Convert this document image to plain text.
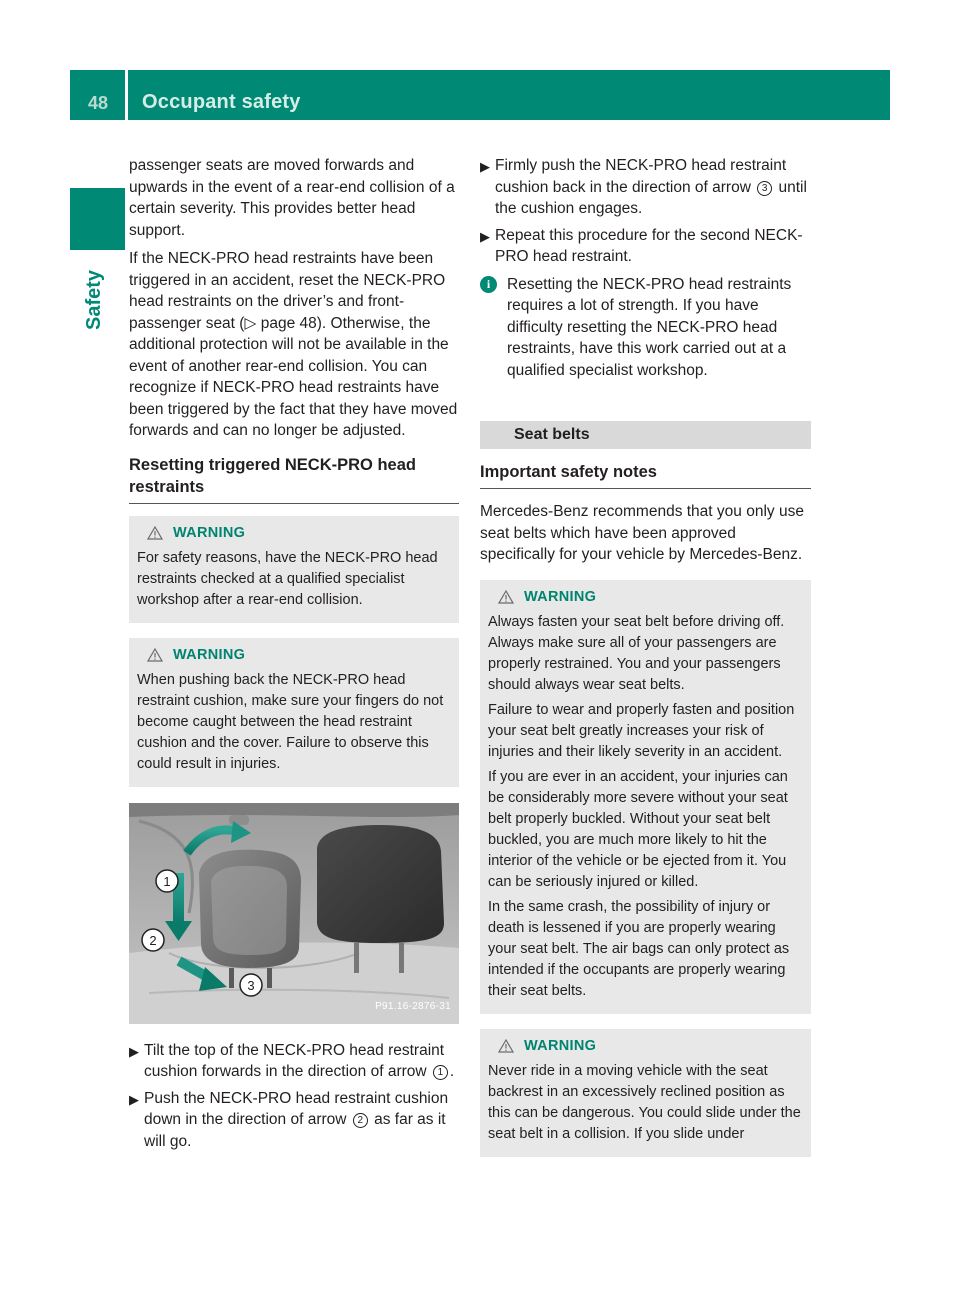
48 Occupant safety
Safety

passenger seats are moved forwards and upwards in the event of a rear-end collision of a certain severity. This provides better head support.

If the NECK-PRO head restraints have been triggered in an accident, reset the NECK-PRO head restraints on the driver’s and front-passenger seat (▷ page 48). Otherwise, the additional protection will not be available in the event of another rear-end collision. You can recognize if NECK-PRO head restraints have been triggered by the fact that they have moved forwards and can no longer be adjusted.

Resetting triggered NECK-PRO head restraints
WARNING

For safety reasons, have the NECK-PRO head restraints checked at a qualified specialist workshop after a rear-end collision.

WARNING

When pushing back the NECK-PRO head restraint cushion, make sure your fingers do not become caught between the head restraint cushion and the cover. Failure to observe this could result in injuries.

1
2
3
P91.16-2876-31
▶ Tilt the top of the NECK-PRO head restraint cushion forwards in the direction of arrow 1 .
▶ Push the NECK-PRO head restraint cushion down in the direction of arrow 2 as far as it will go.
▶ Firmly push the NECK-PRO head restraint cushion back in the direction of arrow 3 until the cushion engages.
▶ Repeat this procedure for the second NECK-PRO head restraint.
i	Resetting the NECK-PRO head restraints requires a lot of strength. If you have difficulty resetting the NECK-PRO head restraints, have this work carried out at a qualified specialist workshop.
Seat belts
Important safety notes

Mercedes-Benz recommends that you only use seat belts which have been approved specifically for your vehicle by Mercedes-Benz.

WARNING

Always fasten your seat belt before driving off. Always make sure all of your passengers are properly restrained. You and your passengers should always wear seat belts.

Failure to wear and properly fasten and position your seat belt greatly increases your risk of injuries and their likely severity in an accident.

If you are ever in an accident, your injuries can be considerably more severe without your seat belt properly buckled. Without your seat belt buckled, you are much more likely to hit the interior of the vehicle or be ejected from it. You can be seriously injured or killed.

In the same crash, the possibility of injury or death is lessened if you are properly wearing your seat belt. The air bags can only protect as intended if the occupants are properly wearing their seat belts.

WARNING

Never ride in a moving vehicle with the seat backrest in an excessively reclined position as this can be dangerous. You could slide under the seat belt in a collision. If you slide under
